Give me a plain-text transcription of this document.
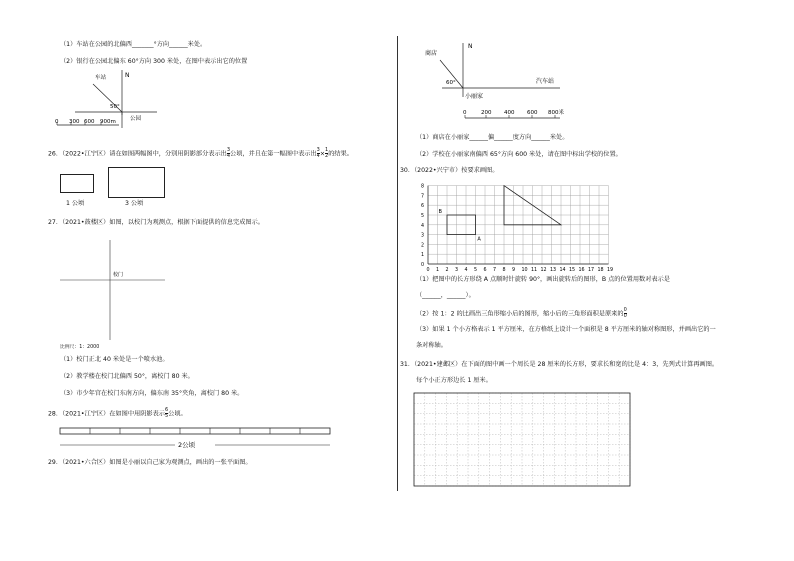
（1）车站在公园的北偏西_______°方向______米处。
（2）银行在公园北偏东 60°方向 300 米处，在图中表示出它的位置
N
车站
50°
公园
0 300 600 900m
26．（2022•江宁区）请在如图两幅图中，分别用阴影部分表示出$\frac{3}{4}$公顷，并且在第一幅图中表示出$\frac{3}{4}\times\frac{1}{2}$的结果。
1 公顷	3 公顷
27．（2021•鼓楼区）如图，以校门为观测点，根据下面提供的信息完成图示。
校门
比例尺：1：2000
（1）校门正北 40 米处是一个喷水池。
（2）教学楼在校门北偏西 50°，离校门 80 米。
（3）市少年宫在校门东南方向，偏东南 35°夹角，离校门 80 米。
28．（2021•江宁区）在如图中用阴影表示$\frac{6}{5}$公顷。
2公顷
29．（2021•六合区）如图是小丽以自己家为观测点，画出的一张平面图。
N
商店
60°
小丽家
汽车站
0	200 400 600 800米
（1）商店在小丽家______偏______度方向______米处。
（2）学校在小丽家南偏西 65°方向 600 米处，请在图中标出学校的位置。
30．（2022•兴宁市）按要求画图。
0 1 2 3 4 5 6 7 8 9 10 11 12 13 14 15 16 17 18 19
0
1
2
3
4
5
6
7
8
B
A
（1）把图中的长方形绕 A 点顺时针旋转 90°，画出旋转后的图形，B 点的位置用数对表示是
（______，______）。
（2）按 1：2 的比画出三角形缩小后的图形，缩小后的三角形面积是原来的$\frac{0}{0}$
（3）如果 1 个小方格表示 1 平方厘米，在方格纸上设计一个面积是 8 平方厘米的轴对称图形，并画出它的一
条对称轴。
31．（2021•建邺区）在下面的图中画一个周长是 28 厘米的长方形，要求长和宽的比是 4：3，先列式计算再画图。
每个小正方形边长 1 厘米。
